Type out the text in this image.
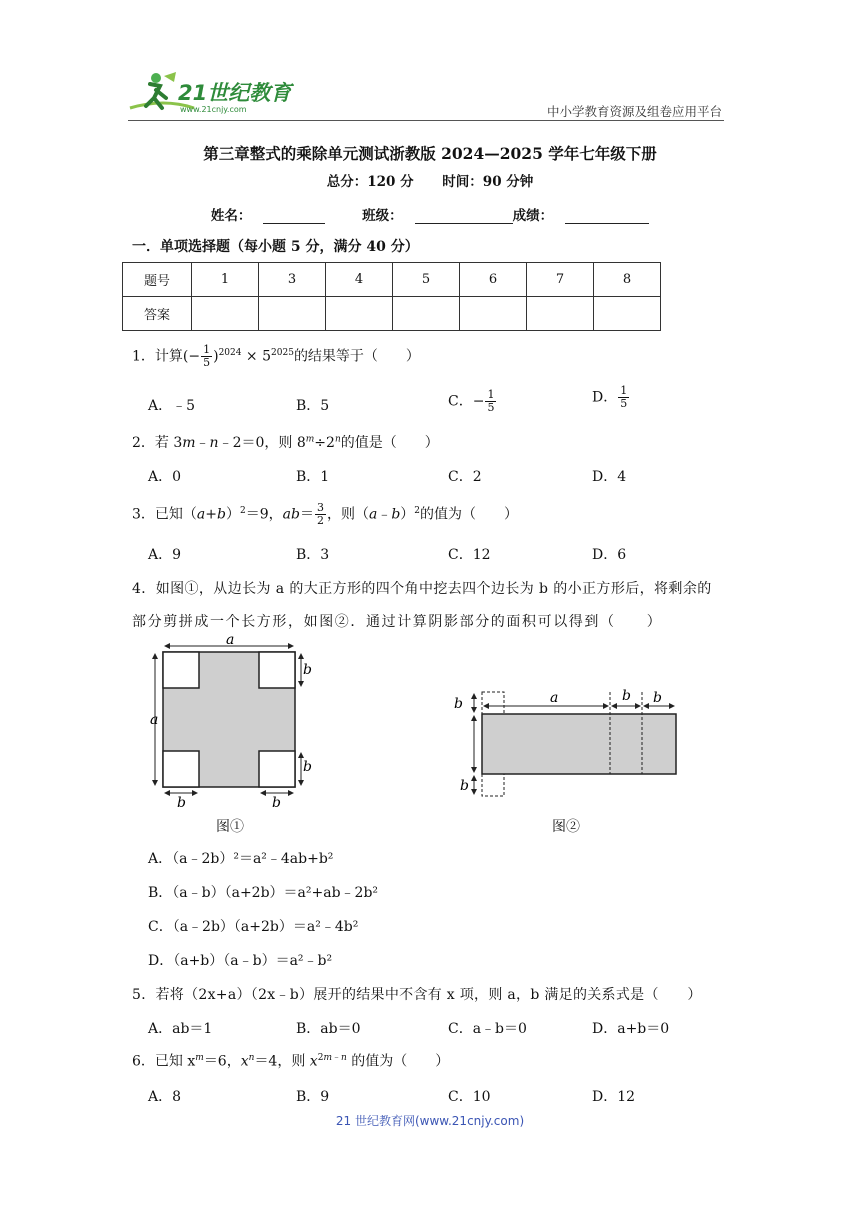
21世纪教育
www.21cnjy.com	中小学教育资源及组卷应用平台
第三章整式的乘除单元测试浙教版 2024—2025 学年七年级下册
总分：120 分 时间：90 分钟
姓名：	班级：	成绩：
一．单项选择题（每小题 5 分，满分 40 分）
题号	1	3	4	5	6	7	8
答案							
1．计算(− $\frac{1}{5} )^{2024} \times 5^{2025}$的结果等于（　　）
A．﹣5	B．5	C．− $\frac{1}{5}$	D． $\frac{1}{5}$
2．若 3m﹣n﹣2＝0，则 $8^m\div 2^n$的值是（　　）
A．0	B．1	C．2	D．4
3．已知$(a+b)^2=9$，$ab= \frac{3}{2}$ ，则（a﹣b）$^2$的值为（　　）
A．9	B．3	C．12	D．6
4．如图①，从边长为 a 的大正方形的四个角中挖去四个边长为 b 的小正方形后，将剩余的
部分剪拼成一个长方形，如图②．通过计算阴影部分的面积可以得到（　　）
a
a
b
b
b	b
图①
a	b b
b
b
图②
A．（a﹣2b）²＝a²﹣4ab+b²
B．（a﹣b）（a+2b）＝a²+ab﹣2b²
C．（a﹣2b）（a+2b）＝a²﹣4b²
D．（a+b）（a﹣b）＝a²﹣b²
5．若将（2x+a）（2x﹣b）展开的结果中不含有 x 项，则 a，b 满足的关系式是（　　）
A．ab＝1	B．ab＝0	C．a﹣b＝0	D．a+b＝0
6．已知 $x^m=6$，$x^n=4$，则 $x^{2m﹣n}$ 的值为（　　）
A．8	B．9	C．10	D．12
21 世纪教育网(www.21cnjy.com)
